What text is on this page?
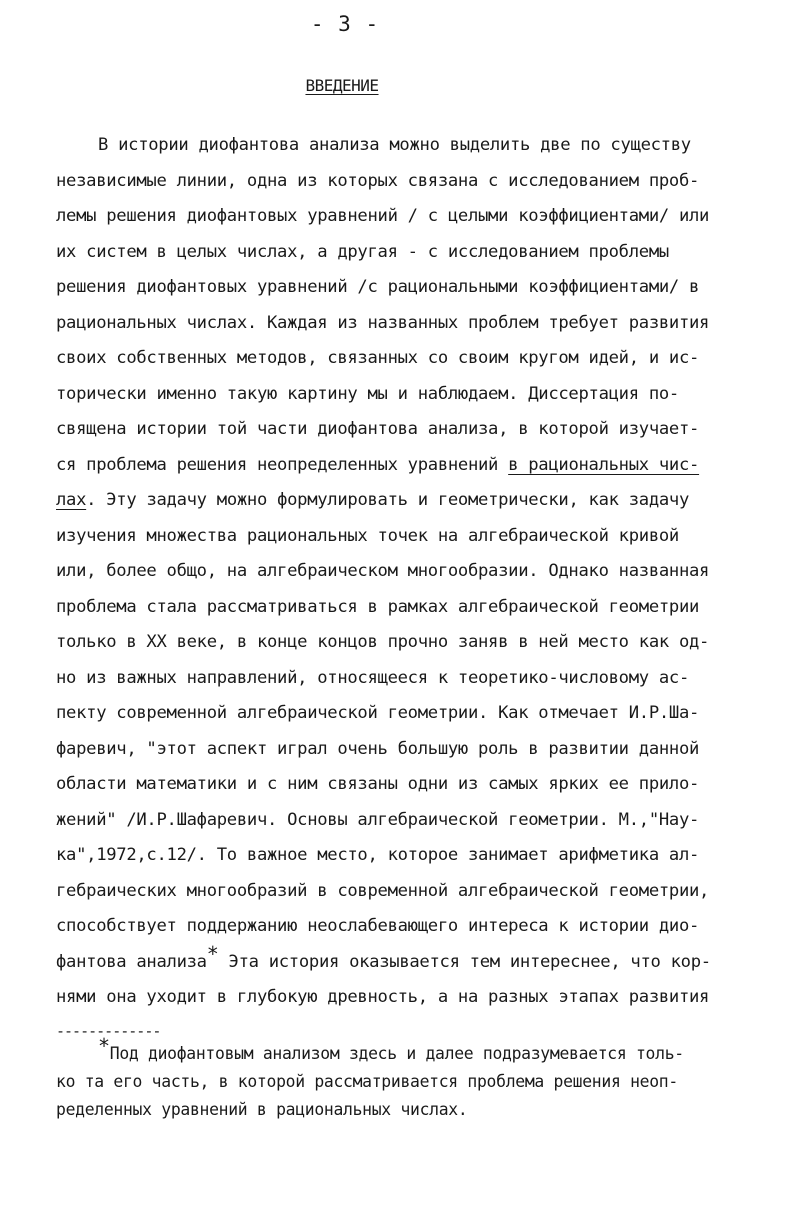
- 3 -
ВВЕДЕНИЕ
В истории диофантова анализа можно выделить две по существу
независимые линии, одна из которых связана с исследованием проб-
лемы решения диофантовых уравнений / с целыми коэффициентами/ или
их систем в целых числах, а другая - с исследованием проблемы
решения диофантовых уравнений /с рациональными коэффициентами/ в
рациональных числах. Каждая из названных проблем требует развития
своих собственных методов, связанных со своим кругом идей, и ис-
торически именно такую картину мы и наблюдаем. Диссертация по-
священа истории той части диофантова анализа, в которой изучает-
ся проблема решения неопределенных уравнений в рациональных чис-
лах. Эту задачу можно формулировать и геометрически, как задачу
изучения множества рациональных точек на алгебраической кривой
или, более общо, на алгебраическом многообразии. Однако названная
проблема стала рассматриваться в рамках алгебраической геометрии
только в XX веке, в конце концов прочно заняв в ней место как од-
но из важных направлений, относящееся к теоретико-числовому ас-
пекту современной алгебраической геометрии. Как отмечает И.Р.Ша-
фаревич, "этот аспект играл очень большую роль в развитии данной
области математики и с ним связаны одни из самых ярких ее прило-
жений" /И.Р.Шафаревич. Основы алгебраической геометрии. М.,"Нау-
ка",1972,с.12/. То важное место, которое занимает арифметика ал-
гебраических многообразий в современной алгебраической геометрии,
способствует поддержанию неослабевающего интереса к истории дио-
фантова анализа* Эта история оказывается тем интереснее, что кор-
нями она уходит в глубокую древность, а на разных этапах развития
-------------
*Под диофантовым анализом здесь и далее подразумевается толь-
ко та его часть, в которой рассматривается проблема решения неоп-
ределенных уравнений в рациональных числах.
